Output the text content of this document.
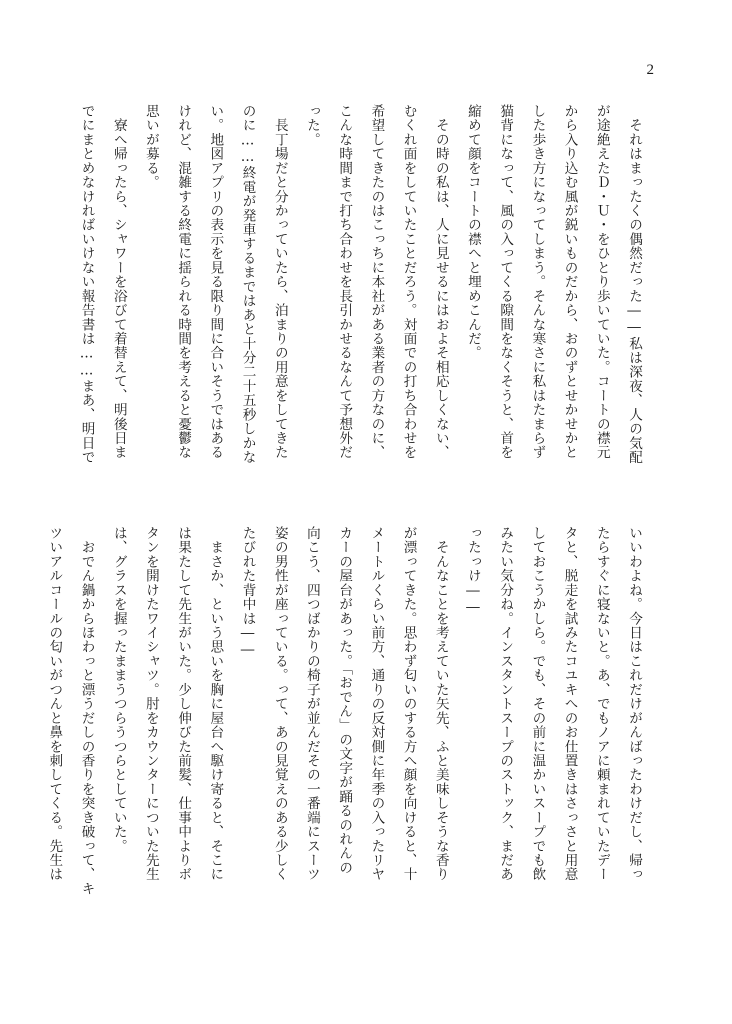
2
　それはまったくの偶然だった――私は深夜、人の気配
が途絶えたＤ・Ｕ・をひとり歩いていた。コートの襟元
から入り込む風が鋭いものだから、おのずとせかせかと
した歩き方になってしまう。そんな寒さに私はたまらず
猫背になって、風の入ってくる隙間をなくそうと、首を
縮めて顔をコートの襟へと埋めこんだ。
　その時の私は、人に見せるにはおよそ相応しくない、
むくれ面をしていたことだろう。対面での打ち合わせを
希望してきたのはこっちに本社がある業者の方なのに、
こんな時間まで打ち合わせを長引かせるなんて予想外だ
った。
　長丁場だと分かっていたら、泊まりの用意をしてきた
のに……終電が発車するまではあと十分二十五秒しかな
い。地図アプリの表示を見る限り間に合いそうではある
けれど、混雑する終電に揺られる時間を考えると憂鬱な
思いが募る。
　寮へ帰ったら、シャワーを浴びて着替えて、明後日ま
でにまとめなければいけない報告書は……まあ、明日で
いいわよね。今日はこれだけがんばったわけだし、帰っ
たらすぐに寝ないと。あ、でもノアに頼まれていたデー
タと、脱走を試みたコユキへのお仕置きはさっさと用意
しておこうかしら。でも、その前に温かいスープでも飲
みたい気分ね。インスタントスープのストック、まだあ
ったっけ――
　そんなことを考えていた矢先、ふと美味しそうな香り
が漂ってきた。思わず匂いのする方へ顔を向けると、十
メートルくらい前方、通りの反対側に年季の入ったリヤ
カーの屋台があった。「おでん」の文字が踊るのれんの
向こう、四つばかりの椅子が並んだその一番端にスーツ
姿の男性が座っている。って、あの見覚えのある少しく
たびれた背中は――
　まさか、という思いを胸に屋台へ駆け寄ると、そこに
は果たして先生がいた。少し伸びた前髪、仕事中よりボ
タンを開けたワイシャツ。肘をカウンターについた先生
は、グラスを握ったままうつらうつらとしていた。
　おでん鍋からほわっと漂うだしの香りを突き破って、キ
ツいアルコールの匂いがつんと鼻を刺してくる。先生は
